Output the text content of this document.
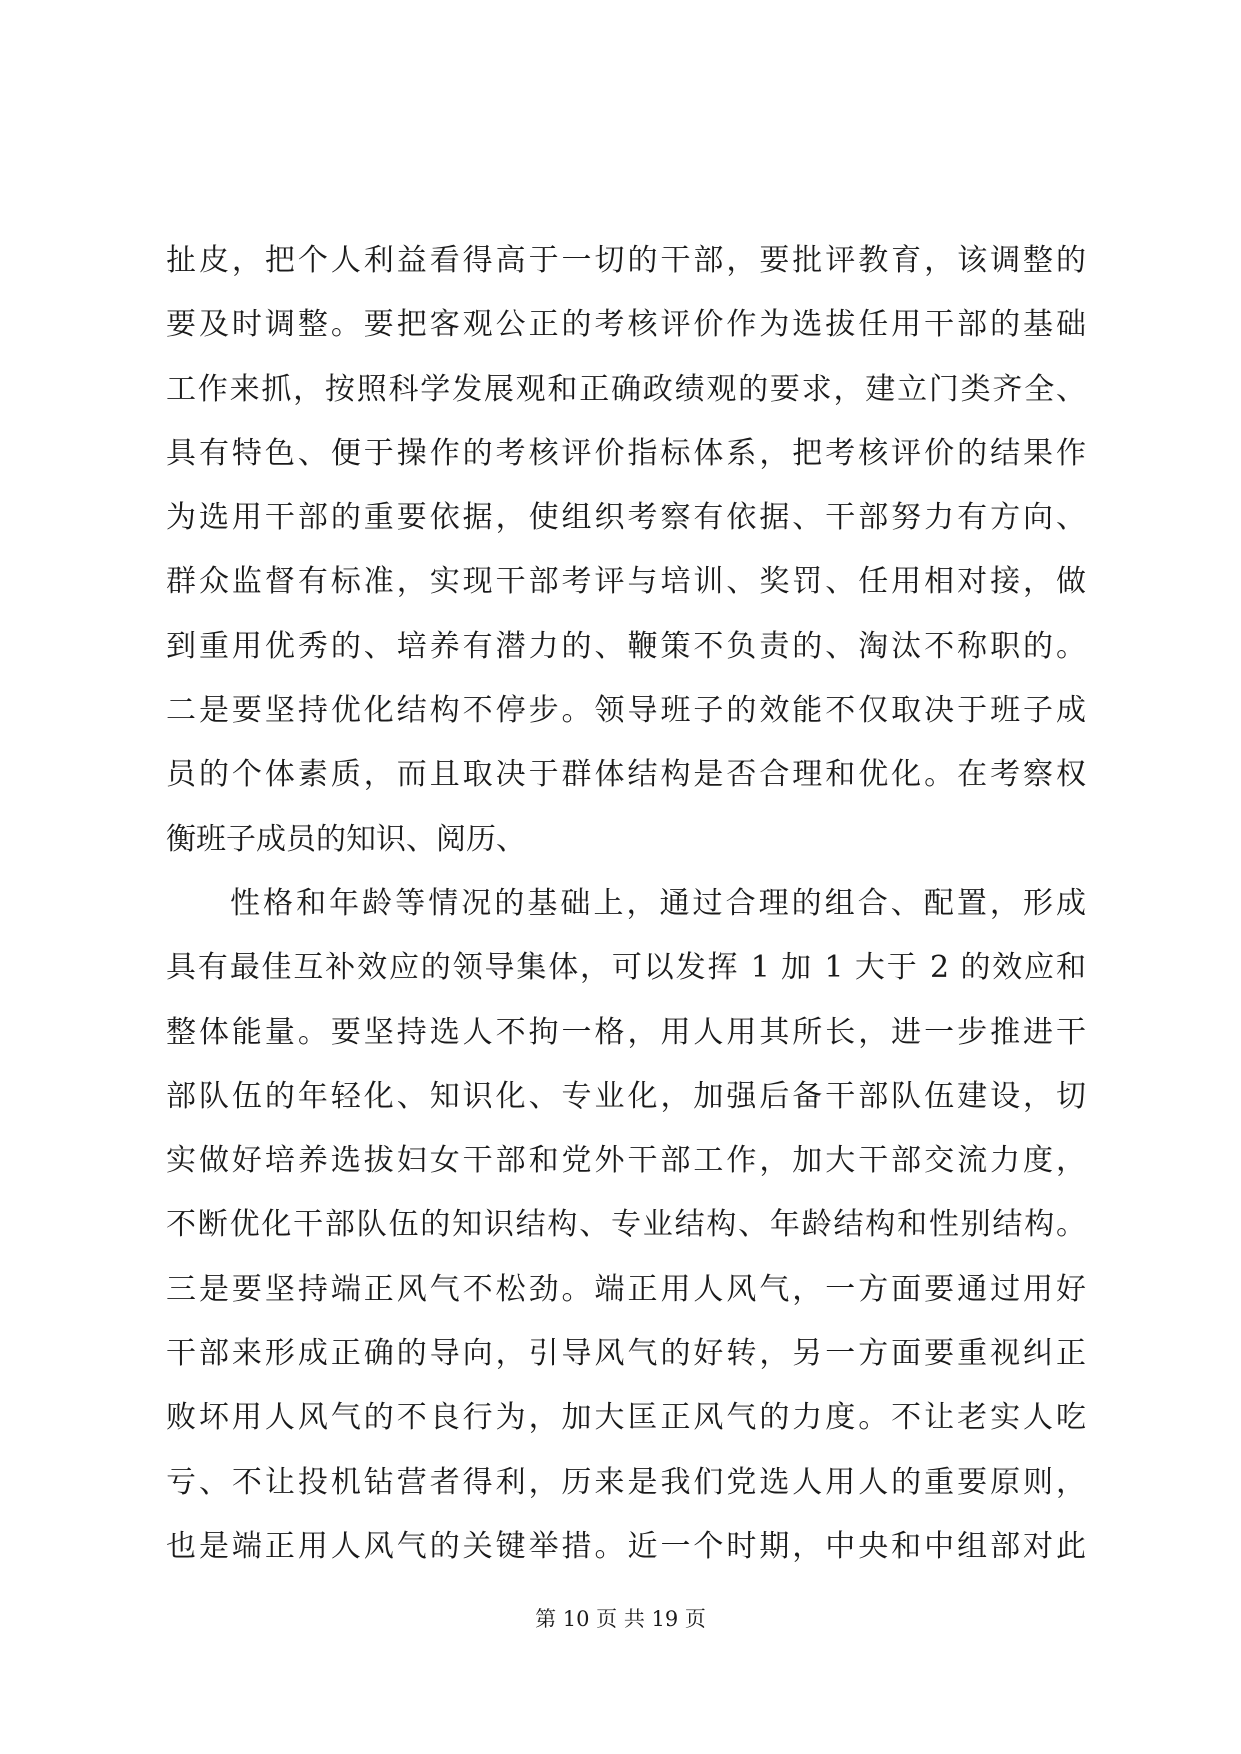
扯皮，把个人利益看得高于一切的干部，要批评教育，该调整的
要及时调整。要把客观公正的考核评价作为选拔任用干部的基础
工作来抓，按照科学发展观和正确政绩观的要求，建立门类齐全、
具有特色、便于操作的考核评价指标体系，把考核评价的结果作
为选用干部的重要依据，使组织考察有依据、干部努力有方向、
群众监督有标准，实现干部考评与培训、奖罚、任用相对接，做
到重用优秀的、培养有潜力的、鞭策不负责的、淘汰不称职的。
二是要坚持优化结构不停步。领导班子的效能不仅取决于班子成
员的个体素质，而且取决于群体结构是否合理和优化。在考察权
衡班子成员的知识、阅历、
性格和年龄等情况的基础上，通过合理的组合、配置，形成
具有最佳互补效应的领导集体，可以发挥 1 加 1 大于 2 的效应和
整体能量。要坚持选人不拘一格，用人用其所长，进一步推进干
部队伍的年轻化、知识化、专业化，加强后备干部队伍建设，切
实做好培养选拔妇女干部和党外干部工作，加大干部交流力度，
不断优化干部队伍的知识结构、专业结构、年龄结构和性别结构。
三是要坚持端正风气不松劲。端正用人风气，一方面要通过用好
干部来形成正确的导向，引导风气的好转，另一方面要重视纠正
败坏用人风气的不良行为，加大匡正风气的力度。不让老实人吃
亏、不让投机钻营者得利，历来是我们党选人用人的重要原则，
也是端正用人风气的关键举措。近一个时期，中央和中组部对此
第 10 页 共 19 页
